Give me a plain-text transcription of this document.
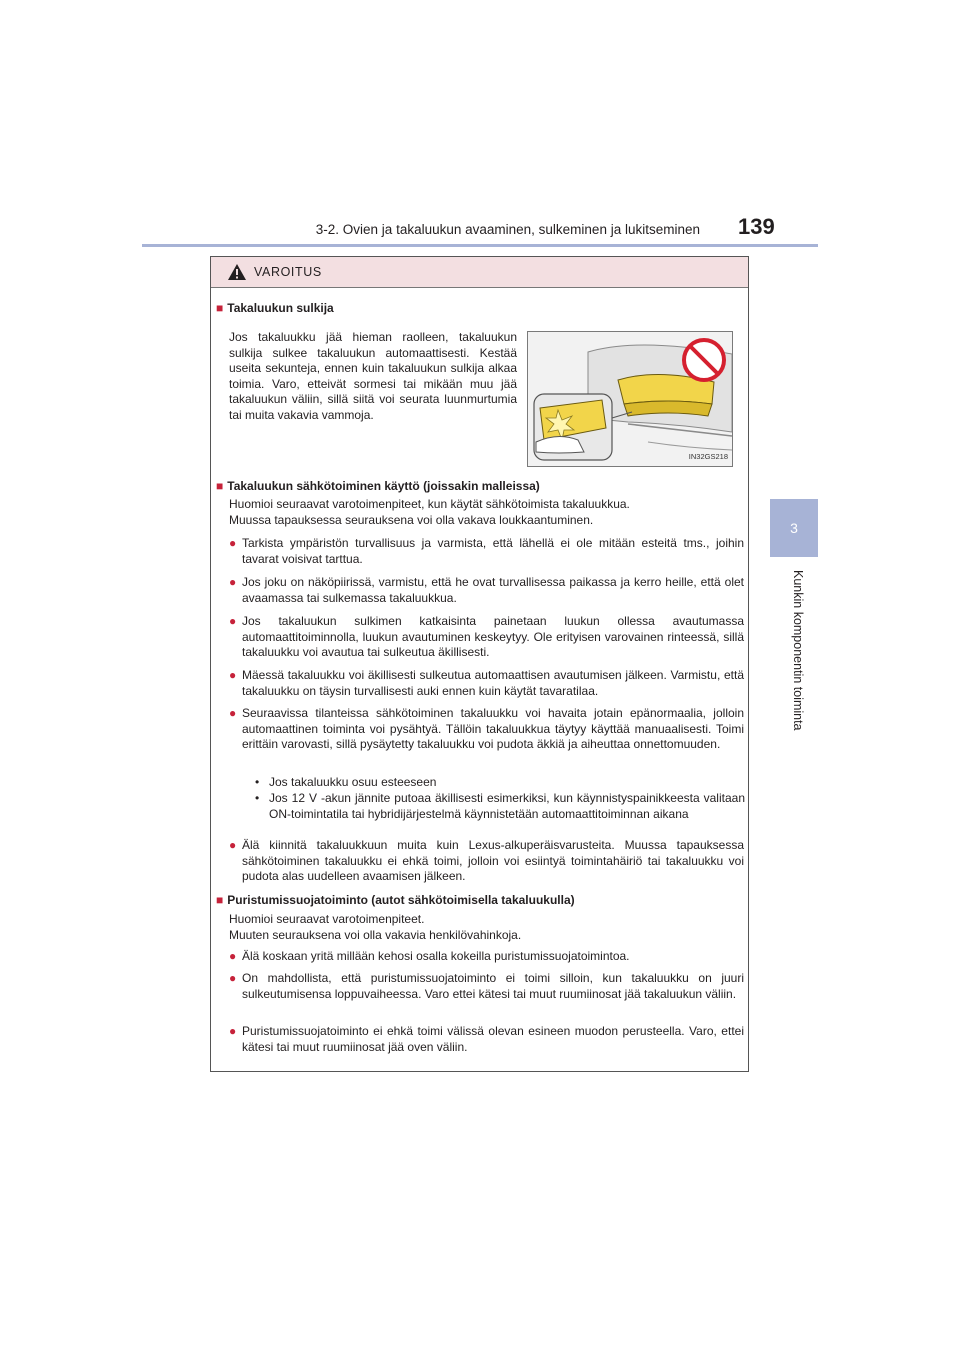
3-2. Ovien ja takaluukun avaaminen, sulkeminen ja lukitseminen 139
3
Kunkin komponentin toiminta
VAROITUS
■ Takaluukun sulkija
Jos takaluukku jää hieman raolleen, takaluukun sulkija sulkee takaluukun automaattisesti. Kestää useita sekunteja, ennen kuin takaluukun sulkija alkaa toimia. Varo, etteivät sormesi tai mikään muu jää takaluukun väliin, sillä siitä voi seurata luunmurtumia tai muita vakavia vammoja.
IN32GS218
■ Takaluukun sähkötoiminen käyttö (joissakin malleissa)
Huomioi seuraavat varotoimenpiteet, kun käytät sähkötoimista takaluukkua.
Muussa tapauksessa seurauksena voi olla vakava loukkaantuminen.
● Tarkista ympäristön turvallisuus ja varmista, että lähellä ei ole mitään esteitä tms., joihin tavarat voisivat tarttua.
● Jos joku on näköpiirissä, varmistu, että he ovat turvallisessa paikassa ja kerro heille, että olet avaamassa tai sulkemassa takaluukkua.
● Jos takaluukun sulkimen katkaisinta painetaan luukun ollessa avautumassa automaattitoiminnolla, luukun avautuminen keskeytyy. Ole erityisen varovainen rinteessä, sillä takaluukku voi avautua tai sulkeutua äkillisesti.
● Mäessä takaluukku voi äkillisesti sulkeutua automaattisen avautumisen jälkeen. Varmistu, että takaluukku on täysin turvallisesti auki ennen kuin käytät tavaratilaa.
● Seuraavissa tilanteissa sähkötoiminen takaluukku voi havaita jotain epänormaalia, jolloin automaattinen toiminta voi pysähtyä. Tällöin takaluukkua täytyy käyttää manuaalisesti. Toimi erittäin varovasti, sillä pysäytetty takaluukku voi pudota äkkiä ja aiheuttaa onnettomuuden.
• Jos takaluukku osuu esteeseen
• Jos 12 V -akun jännite putoaa äkillisesti esimerkiksi, kun käynnistyspainikkeesta valitaan ON-toimintatila tai hybridijärjestelmä käynnistetään automaattitoiminnan aikana
● Älä kiinnitä takaluukkuun muita kuin Lexus-alkuperäisvarusteita. Muussa tapauksessa sähkötoiminen takaluukku ei ehkä toimi, jolloin voi esiintyä toimintahäiriö tai takaluukku voi pudota alas uudelleen avaamisen jälkeen.
■ Puristumissuojatoiminto (autot sähkötoimisella takaluukulla)
Huomioi seuraavat varotoimenpiteet.
Muuten seurauksena voi olla vakavia henkilövahinkoja.
● Älä koskaan yritä millään kehosi osalla kokeilla puristumissuojatoimintoa.
● On mahdollista, että puristumissuojatoiminto ei toimi silloin, kun takaluukku on juuri sulkeutumisensa loppuvaiheessa. Varo ettei kätesi tai muut ruumiinosat jää takaluukun väliin.
● Puristumissuojatoiminto ei ehkä toimi välissä olevan esineen muodon perusteella. Varo, ettei kätesi tai muut ruumiinosat jää oven väliin.
